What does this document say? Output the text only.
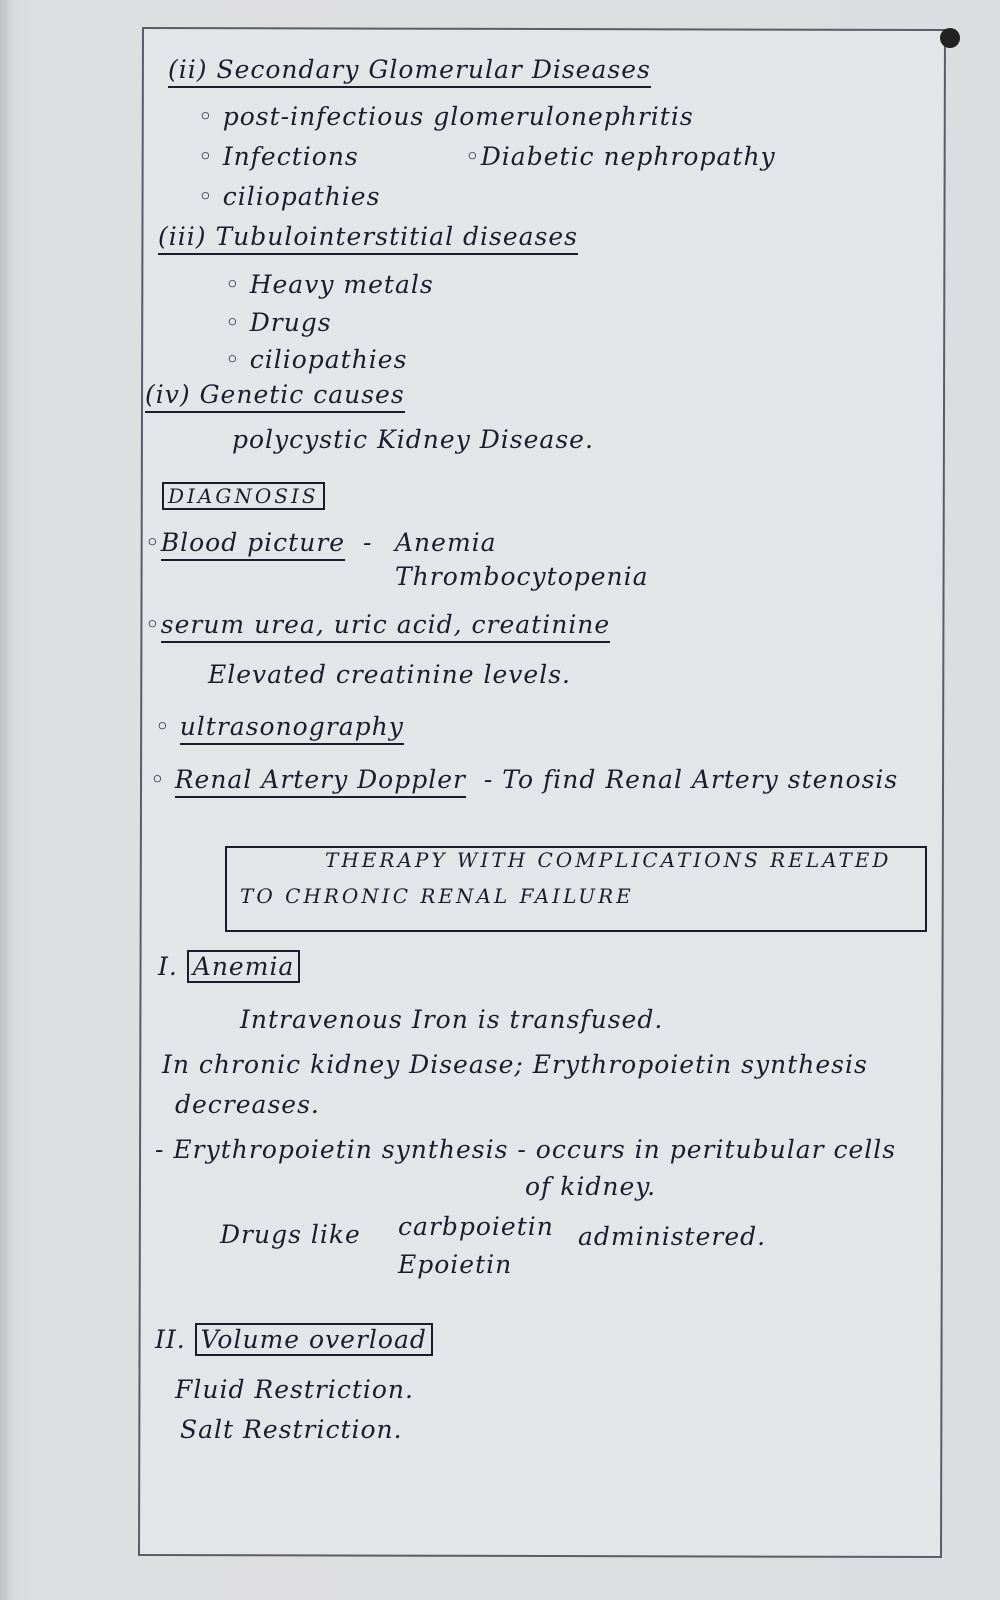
(ii) Secondary Glomerular Diseases
◦ post-infectious glomerulonephritis
◦ Infections	◦Diabetic nephropathy
◦ ciliopathies
(iii) Tubulointerstitial diseases
◦ Heavy metals
◦ Drugs
◦ ciliopathies
(iv) Genetic causes
polycystic Kidney Disease.
DIAGNOSIS
◦Blood picture - Anemia
Thrombocytopenia
◦serum urea, uric acid, creatinine
Elevated creatinine levels.
◦ ultrasonography
◦ Renal Artery Doppler - To find Renal Artery stenosis
THERAPY WITH COMPLICATIONS RELATED
TO CHRONIC RENAL FAILURE
I. Anemia
Intravenous Iron is transfused.
In chronic kidney Disease; Erythropoietin synthesis
decreases.
- Erythropoietin synthesis - occurs in peritubular cells
of kidney.
Drugs like carbpoietin
Epoietin
administered.
II. Volume overload
Fluid Restriction.
Salt Restriction.
